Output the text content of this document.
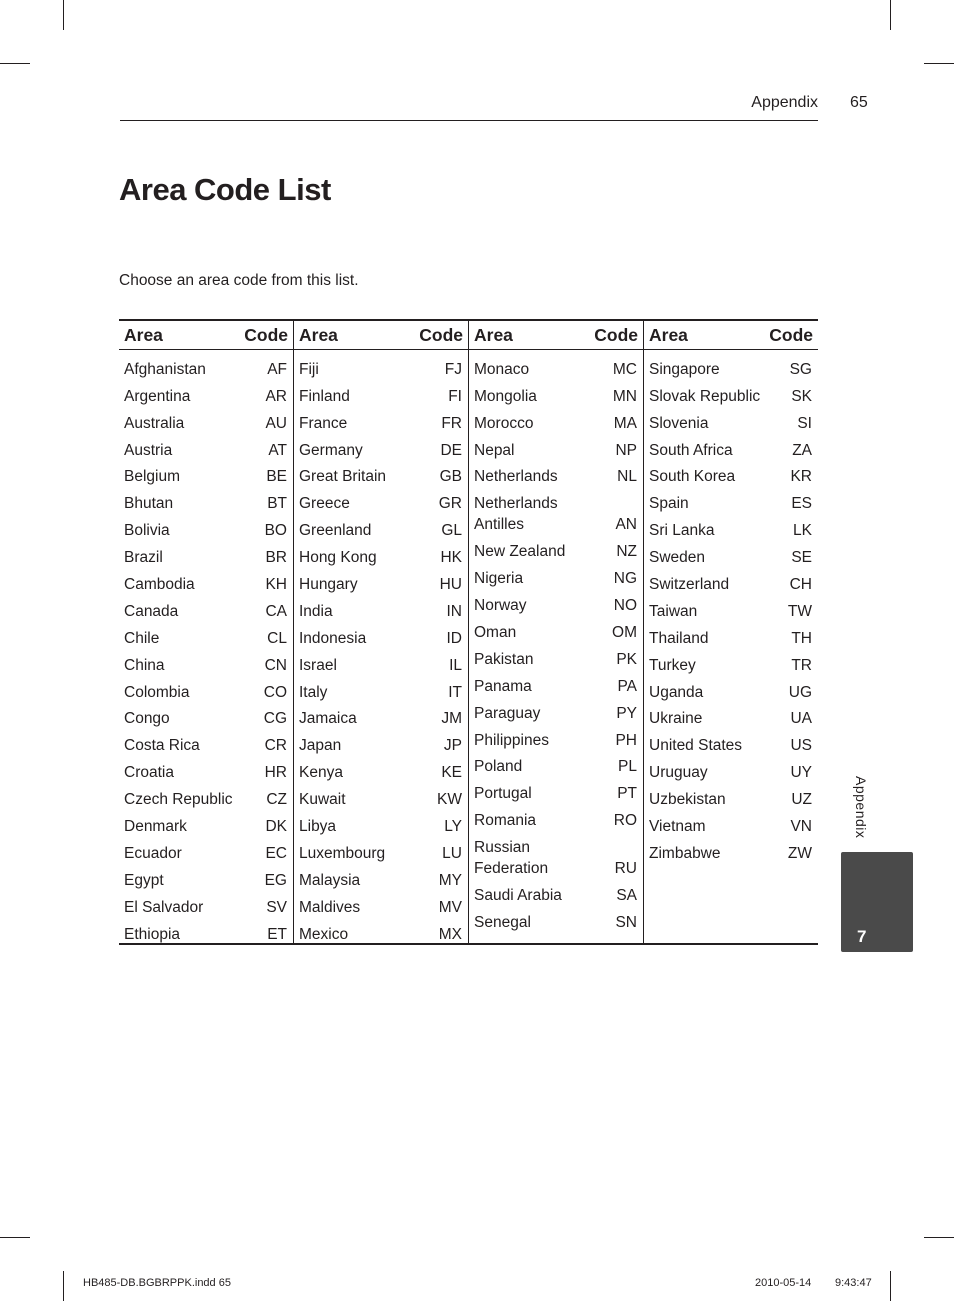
Appendix 65
Area Code List

Choose an area code from this list.

Area	Code
Afghanistan	AF
Argentina	AR
Australia	AU
Austria	AT
Belgium	BE
Bhutan	BT
Bolivia	BO
Brazil	BR
Cambodia	KH
Canada	CA
Chile	CL
China	CN
Colombia	CO
Congo	CG
Costa Rica	CR
Croatia	HR
Czech Republic CZ
Denmark	DK
Ecuador	EC
Egypt	EG
El Salvador	SV
Ethiopia	ET
Area	Code
Fiji	FJ
Finland	FI
France	FR
Germany	DE
Great Britain	GB
Greece	GR
Greenland	GL
Hong Kong	HK
Hungary	HU
India	IN
Indonesia	ID
Israel	IL
Italy	IT
Jamaica	JM
Japan	JP
Kenya	KE
Kuwait	KW
Libya	LY
Luxembourg	LU
Malaysia	MY
Maldives	MV
Mexico	MX
Area	Code
Monaco	MC
Mongolia	MN
Morocco	MA
Nepal	NP
Netherlands	NL
Netherlands
Antilles	AN
New Zealand	NZ
Nigeria	NG
Norway	NO
Oman	OM
Pakistan	PK
Panama	PA
Paraguay	PY
Philippines	PH
Poland	PL
Portugal	PT
Romania	RO
Russian
Federation	RU
Saudi Arabia	SA
Senegal	SN
Area	Code
Singapore	SG
Slovak Republic SK
Slovenia	SI
South Africa	ZA
South Korea	KR
Spain	ES
Sri Lanka	LK
Sweden	SE
Switzerland	CH
Taiwan	TW
Thailand	TH
Turkey	TR
Uganda	UG
Ukraine	UA
United States	US
Uruguay	UY
Uzbekistan	UZ
Vietnam	VN
Zimbabwe	ZW
Appendix
7
HB485-DB.BGBRPPK.indd 65	2010-05-14 9:43:47
